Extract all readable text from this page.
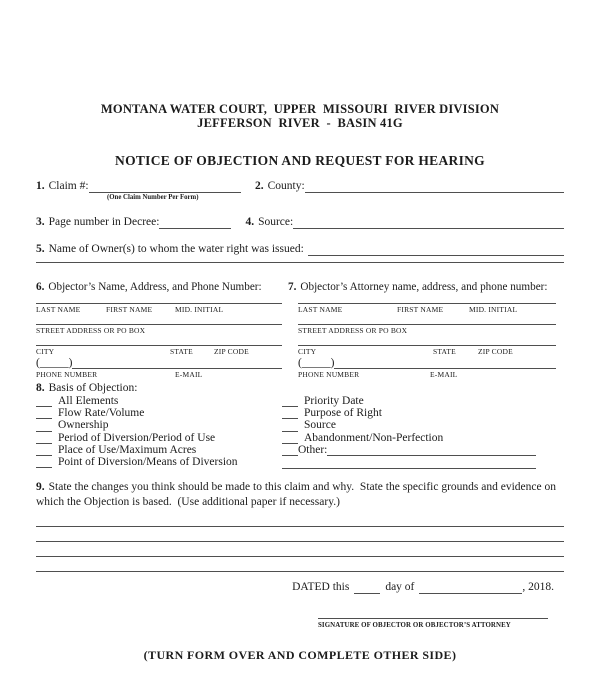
MONTANA WATER COURT,  UPPER  MISSOURI  RIVER DIVISION
JEFFERSON  RIVER  -  BASIN 41G
NOTICE OF OBJECTION AND REQUEST FOR HEARING
1. Claim #:	2. County:
(One Claim Number Per Form)
3. Page number in Decree:	4. Source:
5. Name of Owner(s) to whom the water right was issued:
6. Objector’s Name, Address, and Phone Number:	7. Objector’s Attorney name, address, and phone number:
LAST NAME	FIRST NAME	MID. INITIAL
STREET ADDRESS OR PO BOX
CITY	STATE	ZIP CODE
(_____)
PHONE NUMBER	E-MAIL
LAST NAME	FIRST NAME	MID. INITIAL
STREET ADDRESS OR PO BOX
CITY	STATE	ZIP CODE
(_____)
PHONE NUMBER	E-MAIL
8. Basis of Objection:
All Elements
Flow Rate/Volume
Ownership
Period of Diversion/Period of Use
Place of Use/Maximum Acres
Point of Diversion/Means of Diversion
Priority Date
Purpose of Right
Source
Abandonment/Non-Perfection
Other:
9. State the changes you think should be made to this claim and why.  State the specific grounds and evidence on which the Objection is based.  (Use additional paper if necessary.)
DATED this	day of	, 2018.
SIGNATURE OF OBJECTOR OR OBJECTOR’S ATTORNEY
(TURN FORM OVER AND COMPLETE OTHER SIDE)
